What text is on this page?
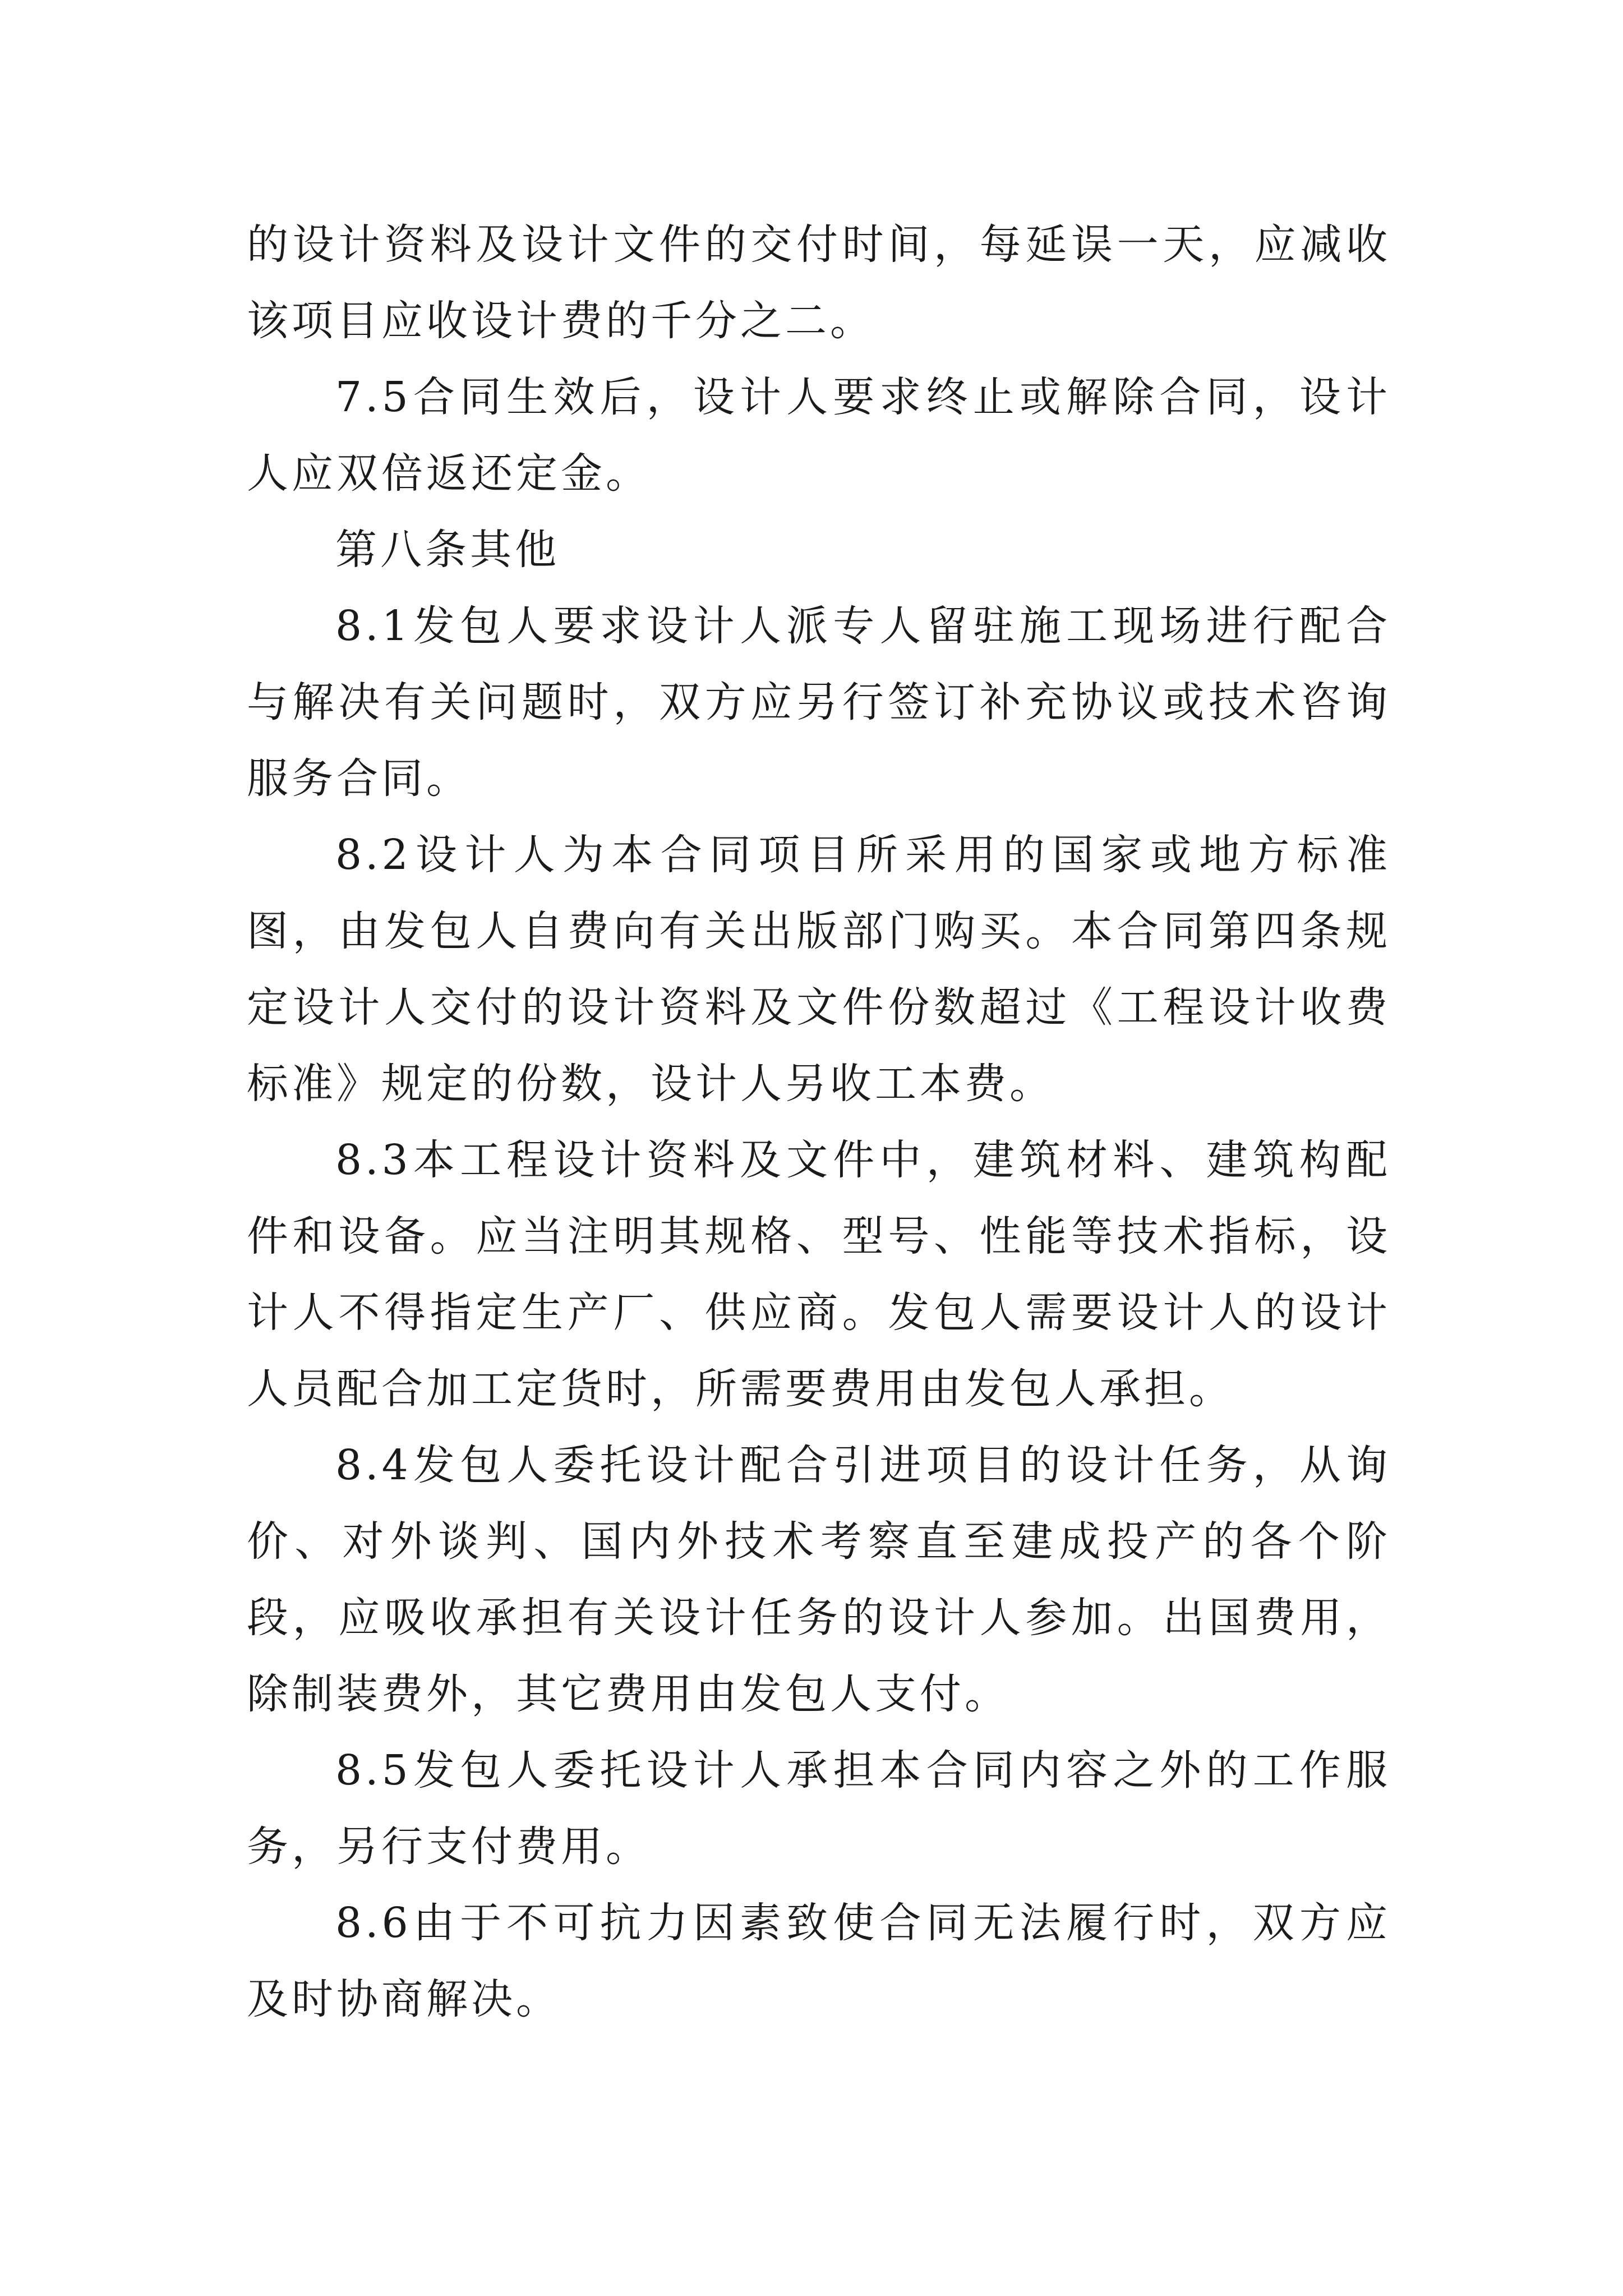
的设计资料及设计文件的交付时间，每延误一天，应减收该项目应收设计费的千分之二。

7.5合同生效后，设计人要求终止或解除合同，设计人应双倍返还定金。

第八条其他

8.1发包人要求设计人派专人留驻施工现场进行配合与解决有关问题时，双方应另行签订补充协议或技术咨询服务合同。

8.2设计人为本合同项目所采用的国家或地方标准图，由发包人自费向有关出版部门购买。本合同第四条规定设计人交付的设计资料及文件份数超过《工程设计收费标准》规定的份数，设计人另收工本费。

8.3本工程设计资料及文件中，建筑材料、建筑构配件和设备。应当注明其规格、型号、性能等技术指标，设计人不得指定生产厂、供应商。发包人需要设计人的设计人员配合加工定货时，所需要费用由发包人承担。

8.4发包人委托设计配合引进项目的设计任务，从询价、对外谈判、国内外技术考察直至建成投产的各个阶段，应吸收承担有关设计任务的设计人参加。出国费用，除制装费外，其它费用由发包人支付。

8.5发包人委托设计人承担本合同内容之外的工作服务，另行支付费用。

8.6由于不可抗力因素致使合同无法履行时，双方应及时协商解决。
